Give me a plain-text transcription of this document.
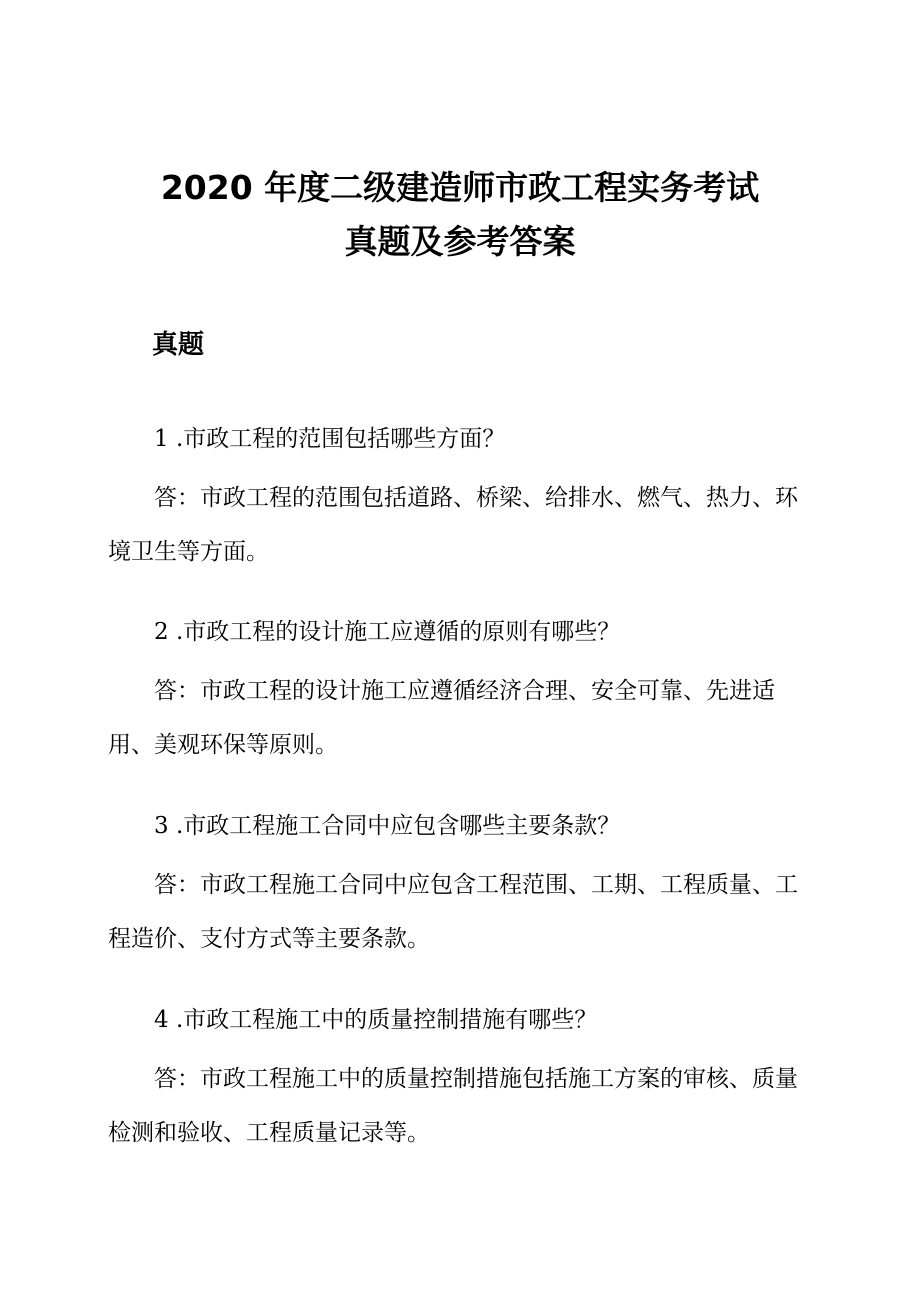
2020 年度二级建造师市政工程实务考试
真题及参考答案
真题

1 .市政工程的范围包括哪些方面？

答：市政工程的范围包括道路、桥梁、给排水、燃气、热力、环境卫生等方面。

2 .市政工程的设计施工应遵循的原则有哪些？

答：市政工程的设计施工应遵循经济合理、安全可靠、先进适用、美观环保等原则。

3 .市政工程施工合同中应包含哪些主要条款？

答：市政工程施工合同中应包含工程范围、工期、工程质量、工程造价、支付方式等主要条款。

4 .市政工程施工中的质量控制措施有哪些？

答：市政工程施工中的质量控制措施包括施工方案的审核、质量检测和验收、工程质量记录等。
